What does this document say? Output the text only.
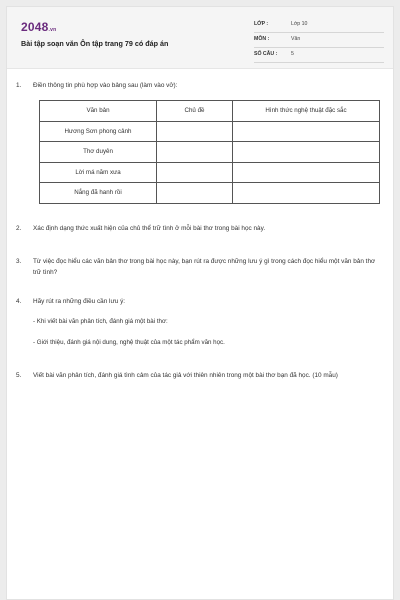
2048.vn
Bài tập soạn văn Ôn tập trang 79 có đáp án
LỚP :	Lớp 10
MÔN :	Văn
SỐ CÂU :	5
1. Điền thông tin phù hợp vào bảng sau (làm vào vở):
Văn bản	Chủ đề	Hình thức nghệ thuật đặc sắc
Hương Sơn phong cảnh		
Thơ duyên		
Lời má năm xưa		
Nắng đã hanh rồi		
2. Xác định dạng thức xuất hiện của chủ thể trữ tình ở mỗi bài thơ trong bài học này.
3. Từ việc đọc hiểu các văn bản thơ trong bài học này, bạn rút ra được những lưu ý gì trong cách đọc hiểu một văn bản thơ trữ tình?
4. Hãy rút ra những điều cần lưu ý:
- Khi viết bài văn phân tích, đánh giá một bài thơ:
- Giới thiệu, đánh giá nội dung, nghệ thuật của một tác phẩm văn học.
5. Viết bài văn phân tích, đánh giá tình cảm của tác giả với thiên nhiên trong một bài thơ bạn đã học. (10 mẫu)
